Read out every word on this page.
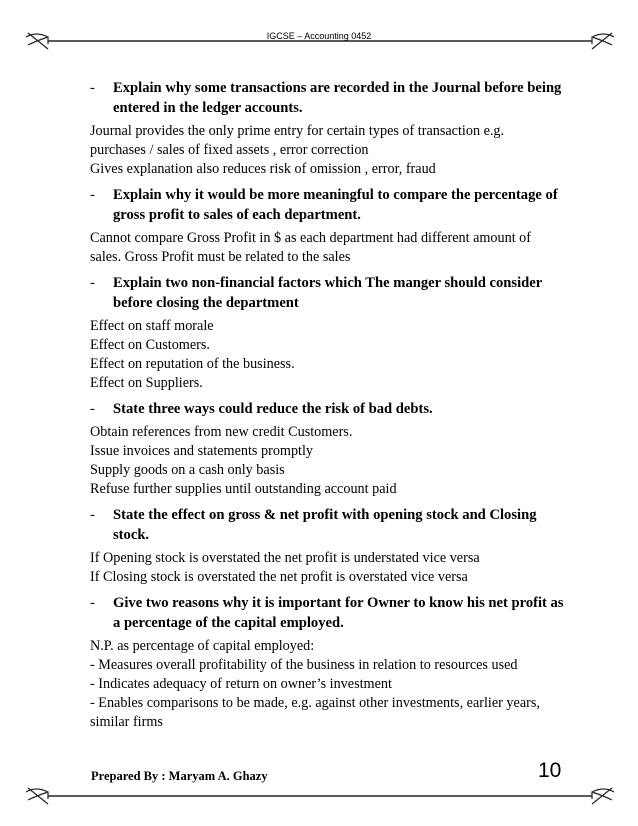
IGCSE – Accounting 0452
-	Explain why some transactions are recorded in the Journal before being entered in the ledger accounts.
Journal provides the only prime entry for certain types of transaction e.g.
purchases / sales of fixed assets , error correction
Gives explanation also reduces risk of omission , error, fraud
-	Explain why it would be more meaningful to compare the percentage of gross profit to sales of each department.
Cannot compare Gross Profit in $ as each department had different amount of
sales. Gross Profit must be related to the sales
-	Explain two non-financial factors which The manger should consider before closing the department
Effect on staff morale
Effect on Customers.
Effect on reputation of the business.
Effect on Suppliers.
-	State three ways could reduce the risk of bad debts.
Obtain references from new credit Customers.
Issue invoices and statements promptly
Supply goods on a cash only basis
Refuse further supplies until outstanding account paid
-	State the effect on gross & net profit with opening stock and Closing stock.
If Opening stock is overstated the net profit is understated vice versa
If Closing stock is overstated the net profit is overstated vice versa
-	Give two reasons why it is important for Owner to know his net profit as a percentage of the capital employed.
N.P. as percentage of capital employed:
- Measures overall profitability of the business in relation to resources used
- Indicates adequacy of return on owner’s investment
- Enables comparisons to be made, e.g. against other investments, earlier years,
similar firms
Prepared By : Maryam A. Ghazy	10
